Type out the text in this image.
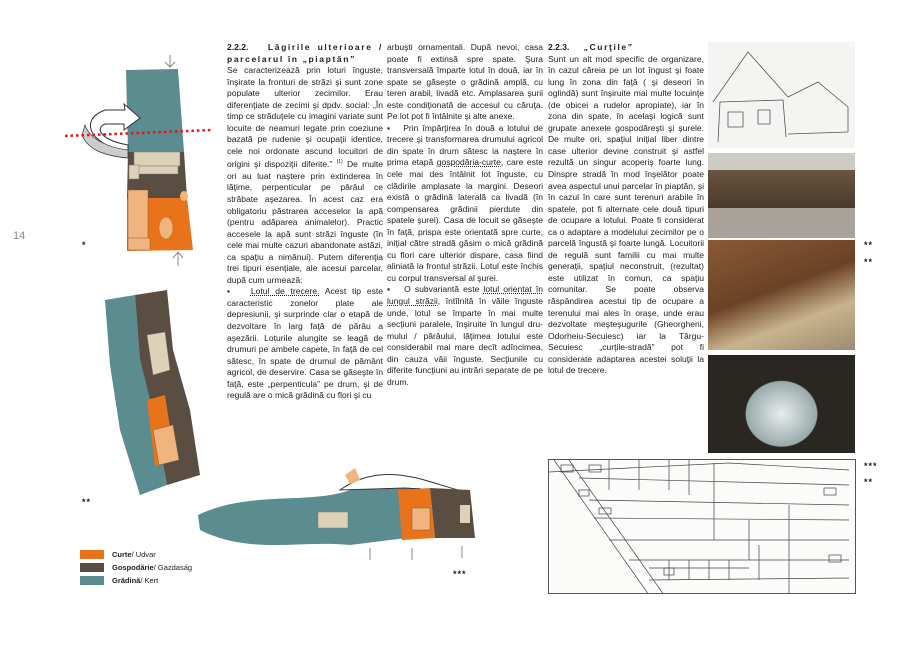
14
*
**
***
Curte / Udvar
Gospodărie / Gazdaság
Grădină / Kert

2.2.2. Lăgirile ulterioare / parcelarul în „piaptăn”

Se caracterizează prin loturi înguste, înşirate la fronturi de străzi şi sunt zone populate ulterior zecimilor. Erau diferenţiate de zecimi şi dpdv. social: „În timp ce străduţele cu imagini variate sunt locuite de neamuri legate prin coeziune bazată pe rudenie şi ocupaţii identice, cele noi ordonate ascund locuitori de origini şi dispoziţii diferite.” $^{(1)}$ De multe ori au luat naştere prin extinderea în lăţime, perpenticular pe pârâul ce străbate aşezarea. În acest caz era obligatoriu păstrarea acceselor la apă (pentru adăparea animalelor). Practic accesele la apă sunt străzi înguste (în cele mai multe cazuri abandonate astăzi, ca spaţiu a nimănui). Putem diferenţia trei tipuri esenţiale, ale acesui parcelar, după cum urmează:

▪   Lotul de trecere. Acest tip este caracteristic zonelor plate ale depresiunii, şi surprinde clar o etapă de dezvoltare în larg faţă de pârâu a aşezării. Loturile alungite se leagă de drumuri pe ambele capete, în faţă de cel sătesc, în spate de drumul de pământ agricol, de deservire. Casa se găseşte în faţă, este „perpenticula” pe drum, şi de regulă are o mică grădină cu flori şi cu

arbuşti ornamentali. După nevoi, casa poate fi extinsă spre spate. Şura transversală împarte lotul în două, iar în spate se găseşte o grădină amplă, cu teren arabil, livadă etc. Amplasarea şurii este condiţionată de accesul cu căruţa. Pe lot pot fi întâlnite şi alte anexe.

▪   Prin împărţirea în două a lotului de trecere şi transformarea drumului agricol din spate în drum sătesc ia naştere în prima etapă gospodăria-curte, care este cele mai des întâlnit lot înguste, cu clădirile amplasate la margini. Deseori există o grădină laterală ca livadă (în compensarea grădinii pierdute din spatele şurei). Casa de locuit se găseşte în faţă, prispa este orientată spre curte, iniţial către stradă găsim o mică grădină cu flori care ulterior dispare, casa fiind aliniată la frontul străzii. Lotul este închis cu corpul transversal al şurei.

▪   O subvariantă este lotul orientat în lungul străzii, întîlnită în văile înguste unde, lotul se împarte în mai multe secţiuni paralele, înşiruite în lungul dru-mului / pârâului, lăţimea lotului este considerabil mai mare decît adîncimea, din cauza văii înguste. Secţiunile cu diferite funcţiuni au intrări separate de pe drum.

2.2.3. „Curţile”

Sunt un alt mod specific de organizare, în cazul căreia pe un lot îngust şi foate lung în zona din faţă ( şi deseori în oglindă) sunt înşiruite mai multe locuinţe (de obicei a rudelor apropiate), iar în zona din spate, în acelaşi logică sunt grupate anexele gospodăreşti şi şurele. De multe ori, spaţiul iniţial liber dintre case ulterior devine construit şi astfel rezultă un singur acoperiş foarte lung. Dinspre stradă în mod înşelător poate avea aspectul unui parcelar în piaptăn, şi în cazul în care sunt terenuri arabile în spatele, pot fi alternate cele două tipuri de ocupare a lotului. Poate fi considerat ca o adaptare a modelului zecimilor pe o parcelă îngustă şi foarte lungă. Locuitorii de regulă sunt familii cu mai multe generaţii, spaţiul neconstruit, (rezultat) este utilizat în comun, ca spaţiu comunitar. Se poate observa răspândirea acestui tip de ocupare a terenului mai ales în oraşe, unde erau dezvoltate meşteşugurile (Gheorgheni, Odorheiu-Secuiesc) iar la Târgu-Secuiesc „curţile-stradă” pot fi considerate adaptarea acestei soluţii la lotul de trecere.

**
**
***
**
